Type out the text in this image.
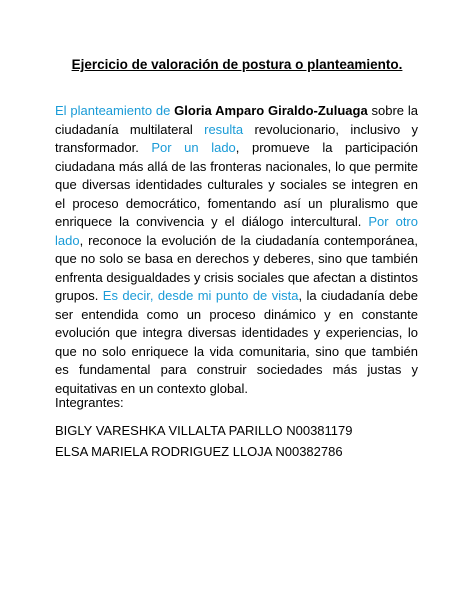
Ejercicio de valoración de postura o planteamiento.
El planteamiento de Gloria Amparo Giraldo-Zuluaga sobre la ciudadanía multilateral resulta revolucionario, inclusivo y transformador. Por un lado, promueve la participación ciudadana más allá de las fronteras nacionales, lo que permite que diversas identidades culturales y sociales se integren en el proceso democrático, fomentando así un pluralismo que enriquece la convivencia y el diálogo intercultural. Por otro lado, reconoce la evolución de la ciudadanía contemporánea, que no solo se basa en derechos y deberes, sino que también enfrenta desigualdades y crisis sociales que afectan a distintos grupos. Es decir, desde mi punto de vista, la ciudadanía debe ser entendida como un proceso dinámico y en constante evolución que integra diversas identidades y experiencias, lo que no solo enriquece la vida comunitaria, sino que también es fundamental para construir sociedades más justas y equitativas en un contexto global.
Integrantes:
BIGLY VARESHKA VILLALTA PARILLO N00381179
ELSA MARIELA RODRIGUEZ LLOJA N00382786
